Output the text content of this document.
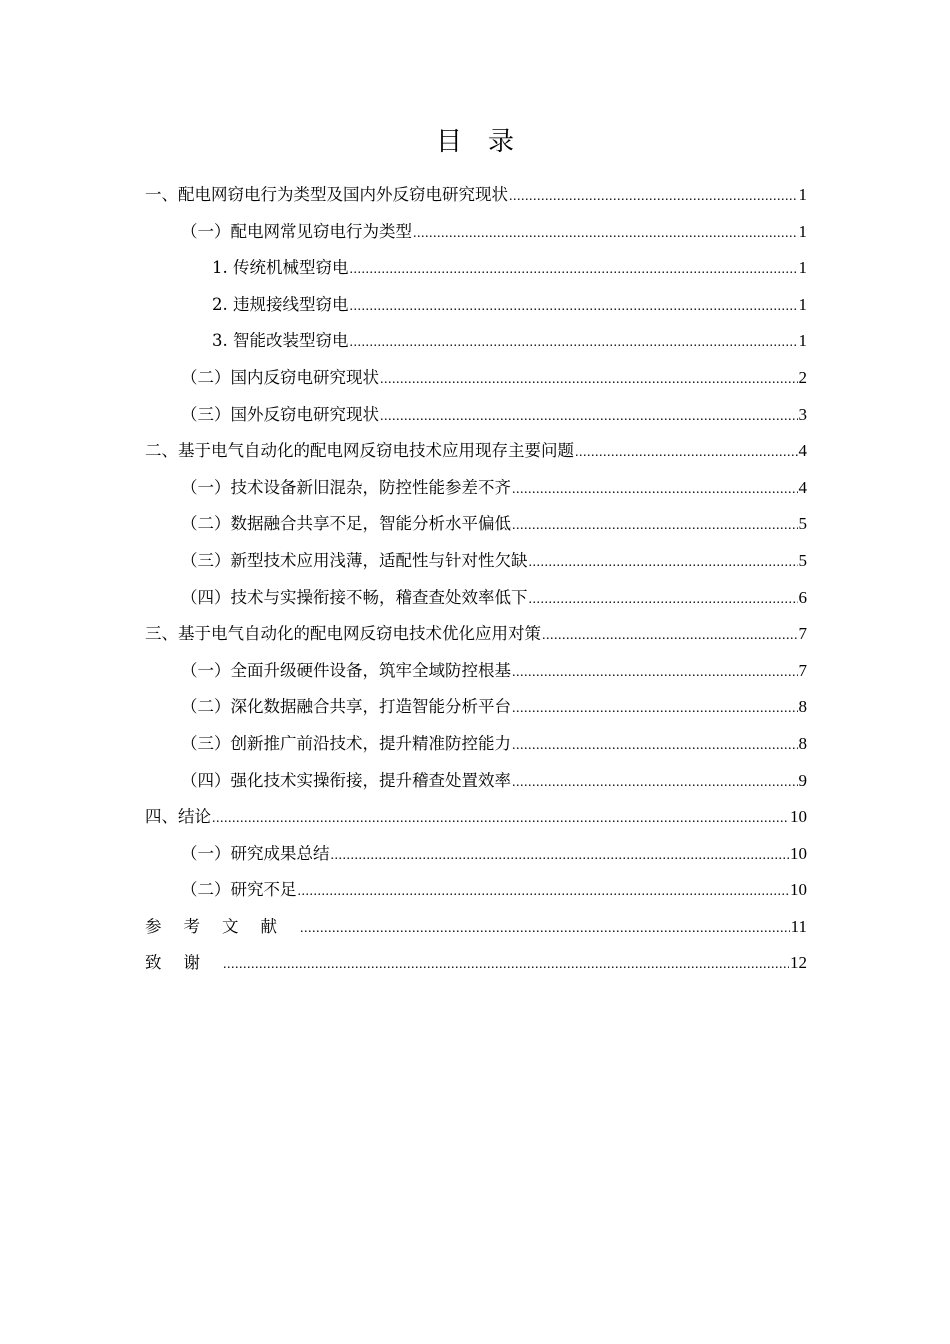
目录
一、配电网窃电行为类型及国内外反窃电研究现状 .....	1
（一）配电网常见窃电行为类型 .....	1
1. 传统机械型窃电 .....	1
2. 违规接线型窃电 .....	1
3. 智能改装型窃电 .....	1
（二）国内反窃电研究现状 .....	2
（三）国外反窃电研究现状 .....	3
二、基于电气自动化的配电网反窃电技术应用现存主要问题 .....	4
（一）技术设备新旧混杂，防控性能参差不齐 .....	4
（二）数据融合共享不足，智能分析水平偏低 .....	5
（三）新型技术应用浅薄，适配性与针对性欠缺 .....	5
（四）技术与实操衔接不畅，稽查查处效率低下 .....	6
三、基于电气自动化的配电网反窃电技术优化应用对策 .....	7
（一）全面升级硬件设备，筑牢全域防控根基 .....	7
（二）深化数据融合共享，打造智能分析平台 .....	8
（三）创新推广前沿技术，提升精准防控能力 .....	8
（四）强化技术实操衔接，提升稽查处置效率 .....	9
四、结论 .....	10
（一）研究成果总结 .....	10
（二）研究不足 .....	10
参考文献 .....	11
致谢 .....	12
